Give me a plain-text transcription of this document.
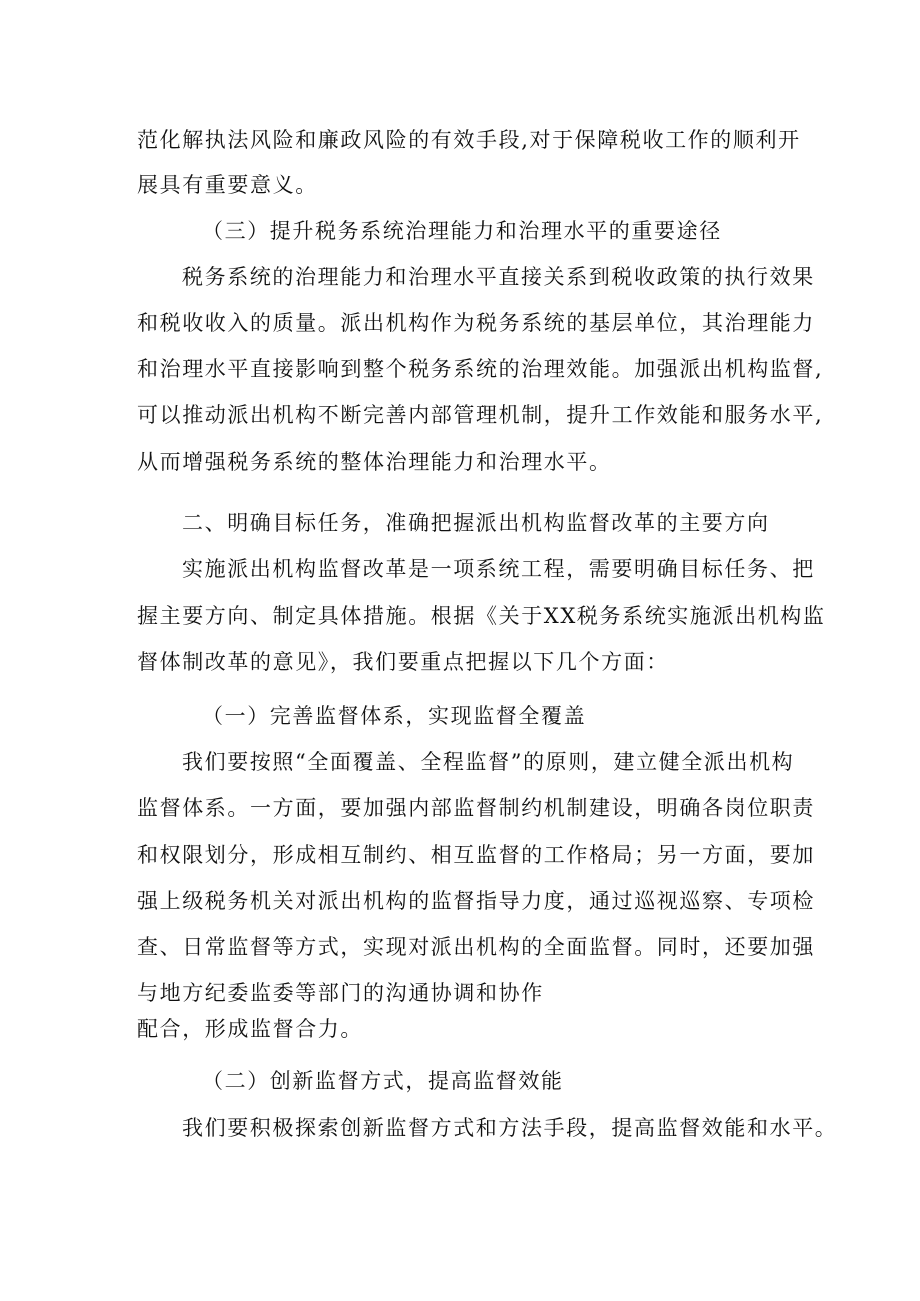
范化解执法风险和廉政风险的有效手段,对于保障税收工作的顺利开
展具有重要意义。
（三）提升税务系统治理能力和治理水平的重要途径
税务系统的治理能力和治理水平直接关系到税收政策的执行效果
和税收收入的质量。派出机构作为税务系统的基层单位，其治理能力
和治理水平直接影响到整个税务系统的治理效能。加强派出机构监督,
可以推动派出机构不断完善内部管理机制，提升工作效能和服务水平,
从而增强税务系统的整体治理能力和治理水平。
二、明确目标任务，准确把握派出机构监督改革的主要方向
实施派出机构监督改革是一项系统工程，需要明确目标任务、把
握主要方向、制定具体措施。根据《关于XX税务系统实施派出机构监
督体制改革的意见》，我们要重点把握以下几个方面：
（一）完善监督体系，实现监督全覆盖
我们要按照“全面覆盖、全程监督”的原则，建立健全派出机构
监督体系。一方面，要加强内部监督制约机制建设，明确各岗位职责
和权限划分，形成相互制约、相互监督的工作格局；另一方面，要加
强上级税务机关对派出机构的监督指导力度，通过巡视巡察、专项检
查、日常监督等方式，实现对派出机构的全面监督。同时，还要加强
与地方纪委监委等部门的沟通协调和协作
配合，形成监督合力。
（二）创新监督方式，提高监督效能
我们要积极探索创新监督方式和方法手段，提高监督效能和水平。
